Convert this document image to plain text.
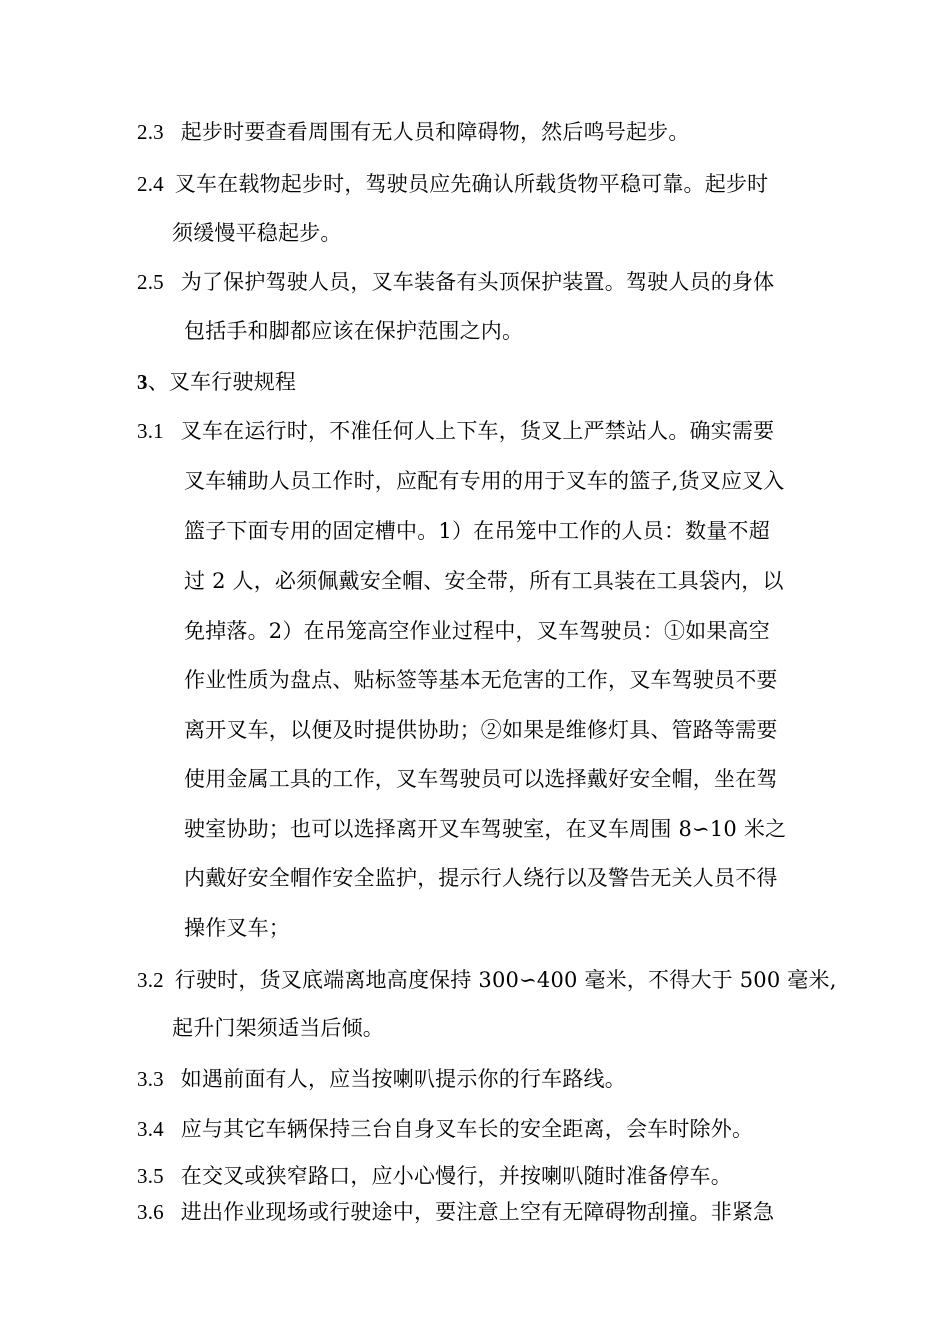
2.3 起步时要查看周围有无人员和障碍物，然后鸣号起步。
2.4 叉车在载物起步时，驾驶员应先确认所载货物平稳可靠。起步时
须缓慢平稳起步。
2.5 为了保护驾驶人员，叉车装备有头顶保护装置。驾驶人员的身体
包括手和脚都应该在保护范围之内。
3、叉车行驶规程
3.1 叉车在运行时，不准任何人上下车，货叉上严禁站人。确实需要
叉车辅助人员工作时，应配有专用的用于叉车的篮子,货叉应叉入
篮子下面专用的固定槽中。1）在吊笼中工作的人员：数量不超
过 2 人，必须佩戴安全帽、安全带，所有工具装在工具袋内，以
免掉落。2）在吊笼高空作业过程中，叉车驾驶员：①如果高空
作业性质为盘点、贴标签等基本无危害的工作，叉车驾驶员不要
离开叉车，以便及时提供协助；②如果是维修灯具、管路等需要
使用金属工具的工作，叉车驾驶员可以选择戴好安全帽，坐在驾
驶室协助；也可以选择离开叉车驾驶室，在叉车周围 8∽10 米之
内戴好安全帽作安全监护，提示行人绕行以及警告无关人员不得
操作叉车；
3.2 行驶时，货叉底端离地高度保持 300∽400 毫米，不得大于 500 毫米,
起升门架须适当后倾。
3.3 如遇前面有人，应当按喇叭提示你的行车路线。
3.4 应与其它车辆保持三台自身叉车长的安全距离，会车时除外。
3.5 在交叉或狭窄路口，应小心慢行，并按喇叭随时准备停车。
3.6 进出作业现场或行驶途中，要注意上空有无障碍物刮撞。非紧急
